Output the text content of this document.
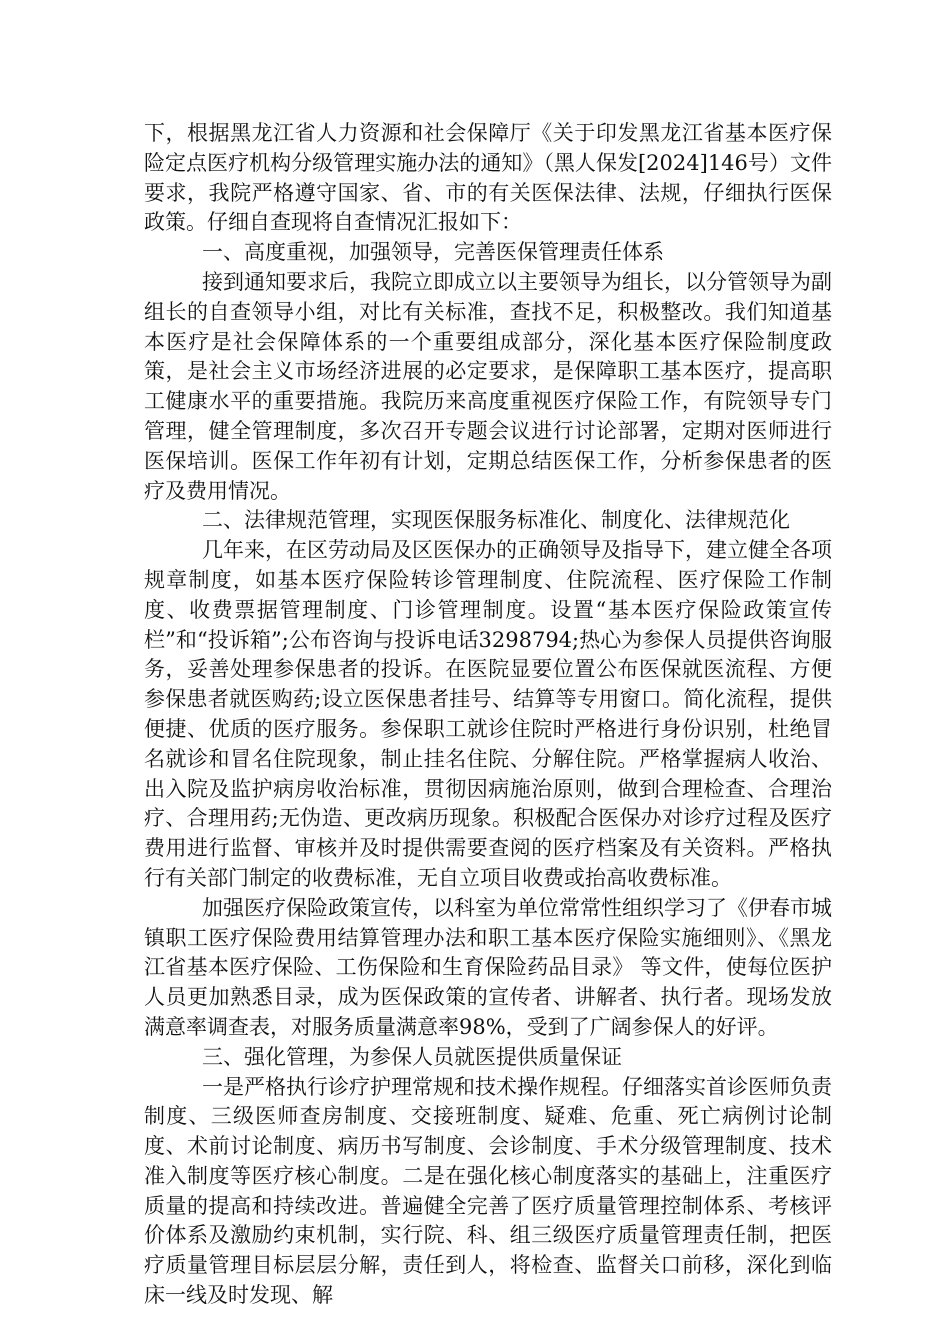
下，根据黑龙江省人力资源和社会保障厅《关于印发黑龙江省基本医疗保险定点医疗机构分级管理实施办法的通知》（黑人保发[2024]146号）文件要求，我院严格遵守国家、省、市的有关医保法律、法规，仔细执行医保政策。仔细自查现将自查情况汇报如下：

一、高度重视，加强领导，完善医保管理责任体系

接到通知要求后，我院立即成立以主要领导为组长，以分管领导为副组长的自查领导小组，对比有关标准，查找不足，积极整改。我们知道基本医疗是社会保障体系的一个重要组成部分，深化基本医疗保险制度政策，是社会主义市场经济进展的必定要求，是保障职工基本医疗，提高职工健康水平的重要措施。我院历来高度重视医疗保险工作，有院领导专门管理，健全管理制度，多次召开专题会议进行讨论部署，定期对医师进行医保培训。医保工作年初有计划，定期总结医保工作，分析参保患者的医疗及费用情况。

二、法律规范管理，实现医保服务标准化、制度化、法律规范化

几年来，在区劳动局及区医保办的正确领导及指导下，建立健全各项规章制度，如基本医疗保险转诊管理制度、住院流程、医疗保险工作制度、收费票据管理制度、门诊管理制度。设置“基本医疗保险政策宣传栏”和“投诉箱”;公布咨询与投诉电话3298794;热心为参保人员提供咨询服务，妥善处理参保患者的投诉。在医院显要位置公布医保就医流程、方便参保患者就医购药;设立医保患者挂号、结算等专用窗口。简化流程，提供便捷、优质的医疗服务。参保职工就诊住院时严格进行身份识别，杜绝冒名就诊和冒名住院现象，制止挂名住院、分解住院。严格掌握病人收治、出入院及监护病房收治标准，贯彻因病施治原则，做到合理检查、合理治疗、合理用药;无伪造、更改病历现象。积极配合医保办对诊疗过程及医疗费用进行监督、审核并及时提供需要查阅的医疗档案及有关资料。严格执行有关部门制定的收费标准，无自立项目收费或抬高收费标准。

加强医疗保险政策宣传，以科室为单位常常性组织学习了《伊春市城镇职工医疗保险费用结算管理办法和职工基本医疗保险实施细则》、《黑龙江省基本医疗保险、工伤保险和生育保险药品目录》 等文件，使每位医护人员更加熟悉目录，成为医保政策的宣传者、讲解者、执行者。现场发放满意率调查表，对服务质量满意率98%，受到了广阔参保人的好评。

三、强化管理，为参保人员就医提供质量保证

一是严格执行诊疗护理常规和技术操作规程。仔细落实首诊医师负责制度、三级医师查房制度、交接班制度、疑难、危重、死亡病例讨论制度、术前讨论制度、病历书写制度、会诊制度、手术分级管理制度、技术准入制度等医疗核心制度。二是在强化核心制度落实的基础上，注重医疗质量的提高和持续改进。普遍健全完善了医疗质量管理控制体系、考核评价体系及激励约束机制，实行院、科、组三级医疗质量管理责任制，把医疗质量管理目标层层分解，责任到人，将检查、监督关口前移，深化到临床一线及时发现、解
